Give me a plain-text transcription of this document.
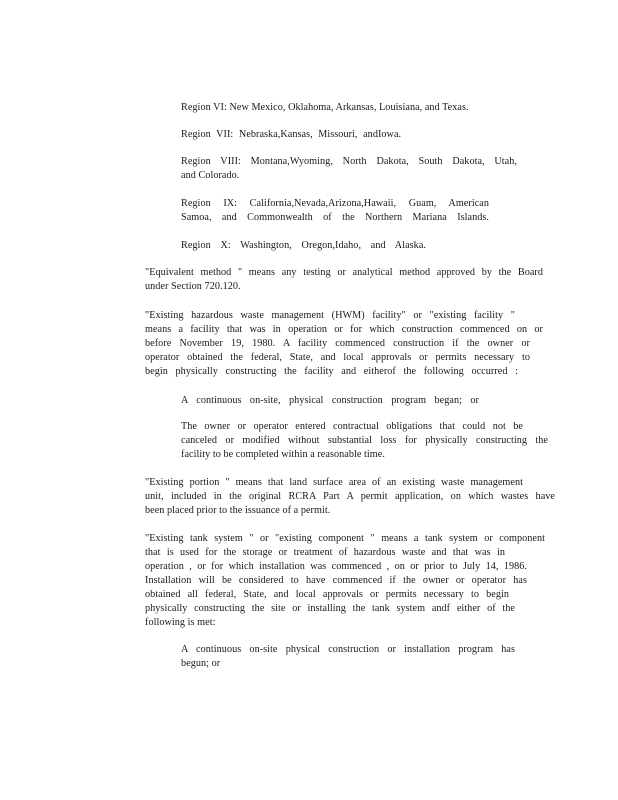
Region VI: New Mexico, Oklahoma, Arkansas, Louisiana, and Texas.

Region VII: Nebraska,Kansas, Missouri, andIowa.

Region VIII: Montana,Wyoming, North Dakota, South Dakota, Utah,
and Colorado.

Region IX: California,Nevada,Arizona,Hawaii, Guam, American
Samoa, and Commonwealth of the Northern Mariana Islands.

Region X: Washington, Oregon,Idaho, and Alaska.

"Equivalent method " means any testing or analytical method approved by the Board
under Section 720.120.

"Existing hazardous waste management (HWM) facility" or "existing facility "
means a facility that was in operation or for which construction commenced on or
before November 19, 1980. A facility commenced construction if the owner or
operator obtained the federal, State, and local approvals or permits necessary to
begin physically constructing the facility and eitherof the following occurred :

A continuous on-site, physical construction program began; or

The owner or operator entered contractual obligations that could not be
canceled or modified without substantial loss for physically constructing the
facility to be completed within a reasonable time.

"Existing portion " means that land surface area of an existing waste management
unit, included in the original RCRA Part A permit application, on which wastes have
been placed prior to the issuance of a permit.

"Existing tank system " or "existing component " means a tank system or component
that is used for the storage or treatment of hazardous waste and that was in
operation , or for which installation was commenced , on or prior to July 14, 1986.
Installation will be considered to have commenced if the owner or operator has
obtained all federal, State, and local approvals or permits necessary to begin
physically constructing the site or installing the tank system andf either of the
following is met:

A continuous on-site physical construction or installation program has
begun; or
